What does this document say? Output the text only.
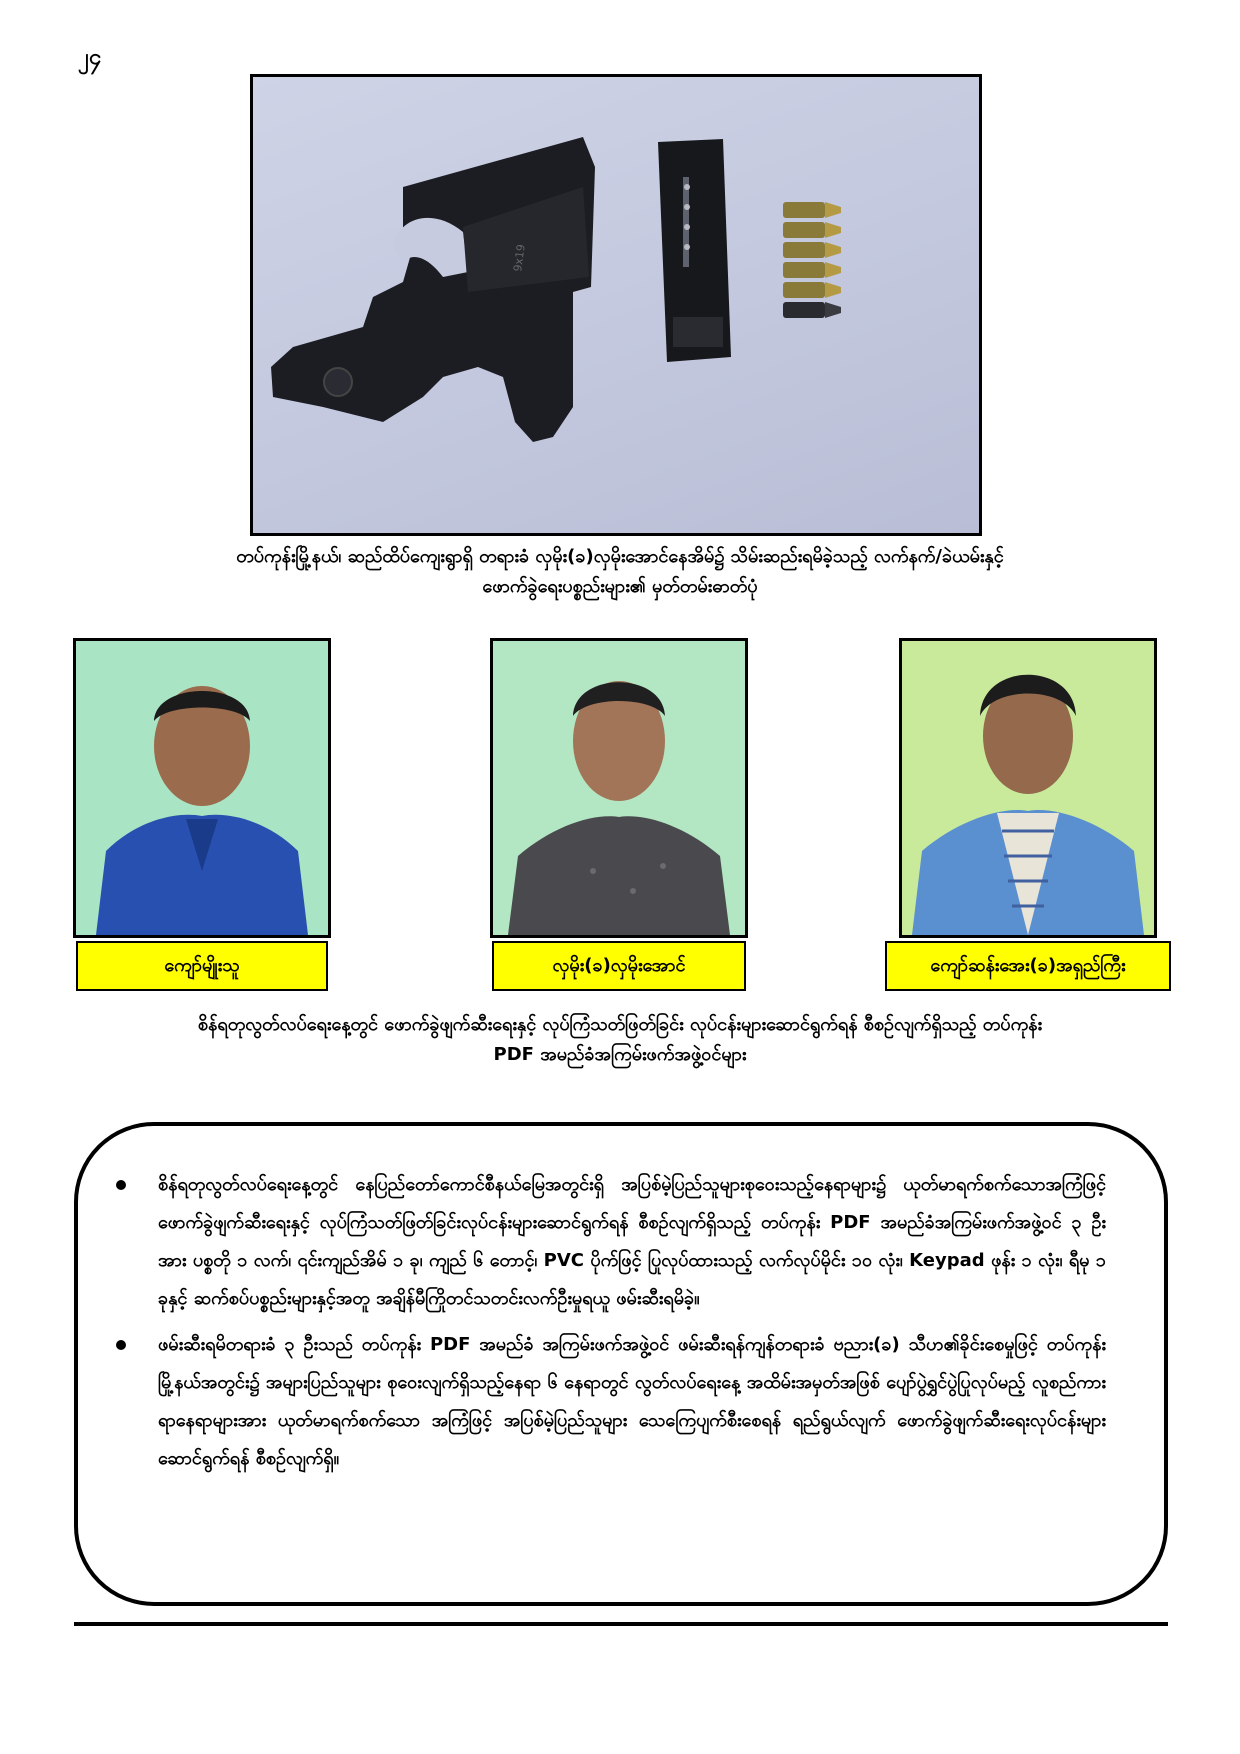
၂၄
9x19
တပ်ကုန်းမြို့နယ်၊ ဆည်ထိပ်ကျေးရွာရှိ တရားခံ လှမိုး(ခ)လှမိုးအောင်နေအိမ်၌ သိမ်းဆည်းရမိခဲ့သည့် လက်နက်/ခဲယမ်းနှင့်
ဖောက်ခွဲရေးပစ္စည်းများ၏ မှတ်တမ်းဓာတ်ပုံ
ကျော်မျိုးသူ	လှမိုး(ခ)လှမိုးအောင်	ကျော်ဆန်းအေး(ခ)အရှည်ကြီး
စိန်ရတုလွတ်လပ်ရေးနေ့တွင် ဖောက်ခွဲဖျက်ဆီးရေးနှင့် လုပ်ကြံသတ်ဖြတ်ခြင်း လုပ်ငန်းများဆောင်ရွက်ရန် စီစဉ်လျက်ရှိသည့် တပ်ကုန်း
PDF အမည်ခံအကြမ်းဖက်အဖွဲ့ဝင်များ
စိန်ရတုလွတ်လပ်ရေးနေ့တွင် နေပြည်တော်ကောင်စီနယ်မြေအတွင်းရှိ အပြစ်မဲ့ပြည်သူများစုဝေးသည့်နေရာများ၌ ယုတ်မာရက်စက်သောအကြံဖြင့် ဖောက်ခွဲဖျက်ဆီးရေးနှင့် လုပ်ကြံသတ်ဖြတ်ခြင်းလုပ်ငန်းများဆောင်ရွက်ရန် စီစဉ်လျက်ရှိသည့် တပ်ကုန်း PDF အမည်ခံအကြမ်းဖက်အဖွဲ့ဝင် ၃ ဦးအား ပစ္စတို ၁ လက်၊ ၎င်းကျည်အိမ် ၁ ခု၊ ကျည် ၆ တောင့်၊ PVC ပိုက်ဖြင့် ပြုလုပ်ထားသည့် လက်လုပ်မိုင်း ၁၀ လုံး၊ Keypad ဖုန်း ၁ လုံး၊ ရီမု ၁ ခုနှင့် ဆက်စပ်ပစ္စည်းများနှင့်အတူ အချိန်မီကြိုတင်သတင်းလက်ဦးမှုရယူ ဖမ်းဆီးရမိခဲ့။
ဖမ်းဆီးရမိတရားခံ ၃ ဦးသည် တပ်ကုန်း PDF အမည်ခံ အကြမ်းဖက်အဖွဲ့ဝင် ဖမ်းဆီးရန်ကျန်တရားခံ ဗညား(ခ) သီဟ၏ခိုင်းစေမှုဖြင့် တပ်ကုန်းမြို့နယ်အတွင်း၌ အများပြည်သူများ စုဝေးလျက်ရှိသည့်နေရာ ၆ နေရာတွင် လွတ်လပ်ရေးနေ့ အထိမ်းအမှတ်အဖြစ် ပျော်ပွဲရွှင်ပွဲပြုလုပ်မည့် လူစည်ကားရာနေရာများအား ယုတ်မာရက်စက်သော အကြံဖြင့် အပြစ်မဲ့ပြည်သူများ သေကြေပျက်စီးစေရန် ရည်ရွယ်လျက် ဖောက်ခွဲဖျက်ဆီးရေးလုပ်ငန်းများ ဆောင်ရွက်ရန် စီစဉ်လျက်ရှိ။
